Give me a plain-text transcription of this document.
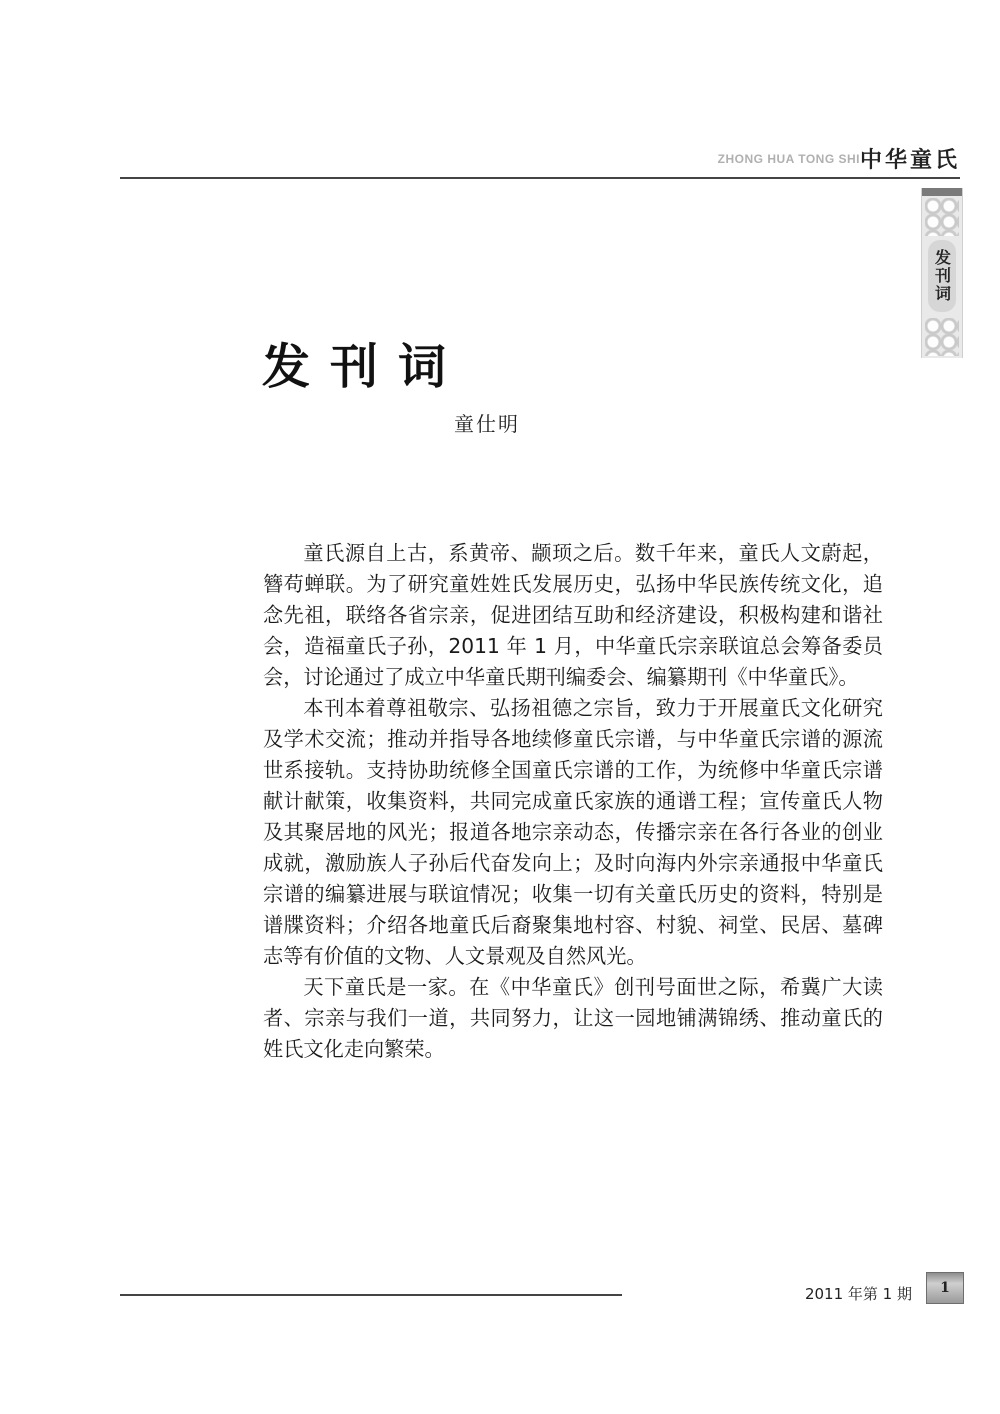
ZHONG HUA TONG SHI 中华童氏
发刊词
发刊词
童仕明

童氏源自上古，系黄帝、颛顼之后。数千年来，童氏人文蔚起，簪苟蝉联。为了研究童姓姓氏发展历史，弘扬中华民族传统文化，追念先祖，联络各省宗亲，促进团结互助和经济建设，积极构建和谐社会，造福童氏子孙，2011 年 1 月，中华童氏宗亲联谊总会筹备委员会，讨论通过了成立中华童氏期刊编委会、编纂期刊《中华童氏》。

本刊本着尊祖敬宗、弘扬祖德之宗旨，致力于开展童氏文化研究及学术交流；推动并指导各地续修童氏宗谱，与中华童氏宗谱的源流世系接轨。支持协助统修全国童氏宗谱的工作，为统修中华童氏宗谱献计献策，收集资料，共同完成童氏家族的通谱工程；宣传童氏人物及其聚居地的风光；报道各地宗亲动态，传播宗亲在各行各业的创业成就，激励族人子孙后代奋发向上；及时向海内外宗亲通报中华童氏宗谱的编纂进展与联谊情况；收集一切有关童氏历史的资料，特别是谱牒资料；介绍各地童氏后裔聚集地村容、村貌、祠堂、民居、墓碑志等有价值的文物、人文景观及自然风光。

天下童氏是一家。在《中华童氏》创刊号面世之际，希冀广大读者、宗亲与我们一道，共同努力，让这一园地铺满锦绣、推动童氏的姓氏文化走向繁荣。

2011 年第 1 期	1
